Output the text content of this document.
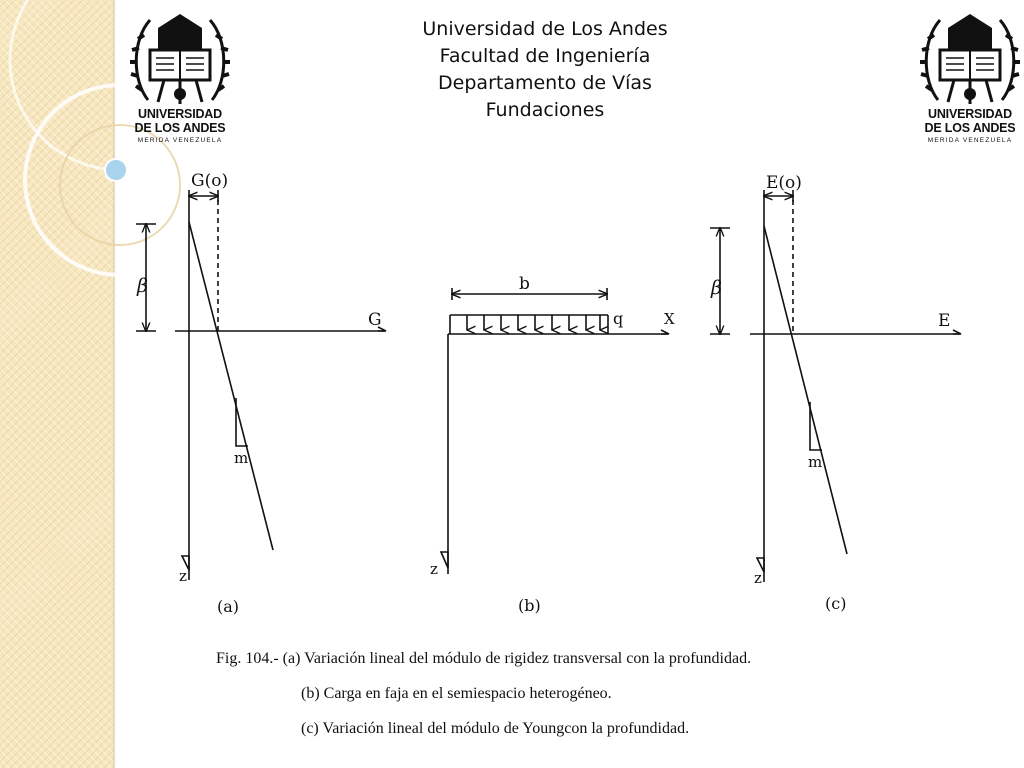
Universidad de Los Andes
Facultad de Ingeniería
Departamento de Vías
Fundaciones
UNIVERSIDAD
DE LOS ANDES
MERIDA VENEZUELA
UNIVERSIDAD
DE LOS ANDES
MERIDA VENEZUELA
G(o)
β
G
m
z
(a)
b
q	X
z
(b)
E(o)
β
E
m
z
(c)
Fig. 104.- (a) Variación lineal del módulo de rigidez transversal con la profundidad.
(b) Carga en faja en el semiespacio heterogéneo.
(c) Variación lineal del módulo de Youngcon la profundidad.
